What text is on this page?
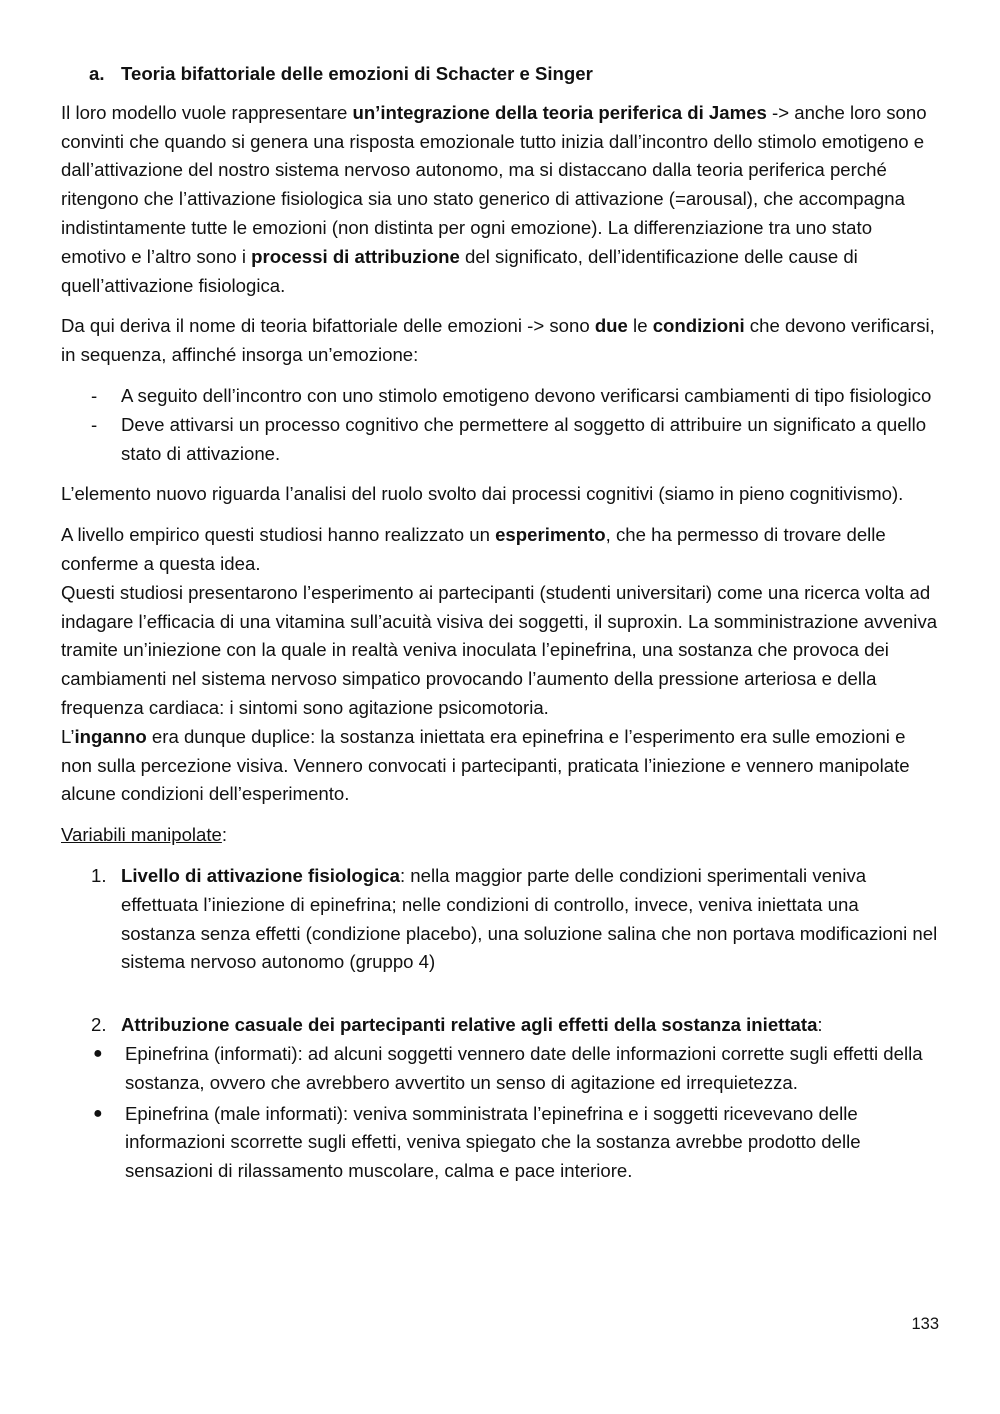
a. Teoria bifattoriale delle emozioni di Schacter e Singer

Il loro modello vuole rappresentare un’integrazione della teoria periferica di James -> anche loro sono convinti che quando si genera una risposta emozionale tutto inizia dall’incontro dello stimolo emotigeno e dall’attivazione del nostro sistema nervoso autonomo, ma si distaccano dalla teoria periferica perché ritengono che l’attivazione fisiologica sia uno stato generico di attivazione (=arousal), che accompagna indistintamente tutte le emozioni (non distinta per ogni emozione). La differenziazione tra uno stato emotivo e l’altro sono i processi di attribuzione del significato, dell’identificazione delle cause di quell’attivazione fisiologica.

Da qui deriva il nome di teoria bifattoriale delle emozioni -> sono due le condizioni che devono verificarsi, in sequenza, affinché insorga un’emozione:

-	A seguito dell’incontro con uno stimolo emotigeno devono verificarsi cambiamenti di tipo fisiologico
-	Deve attivarsi un processo cognitivo che permettere al soggetto di attribuire un significato a quello stato di attivazione.

L’elemento nuovo riguarda l’analisi del ruolo svolto dai processi cognitivi (siamo in pieno cognitivismo).

A livello empirico questi studiosi hanno realizzato un esperimento, che ha permesso di trovare delle conferme a questa idea.
Questi studiosi presentarono l’esperimento ai partecipanti (studenti universitari) come una ricerca volta ad indagare l’efficacia di una vitamina sull’acuità visiva dei soggetti, il suproxin. La somministrazione avveniva tramite un’iniezione con la quale in realtà veniva inoculata l’epinefrina, una sostanza che provoca dei cambiamenti nel sistema nervoso simpatico provocando l’aumento della pressione arteriosa e della frequenza cardiaca: i sintomi sono agitazione psicomotoria.
L’inganno era dunque duplice: la sostanza iniettata era epinefrina e l’esperimento era sulle emozioni e non sulla percezione visiva. Vennero convocati i partecipanti, praticata l’iniezione e vennero manipolate alcune condizioni dell’esperimento.

Variabili manipolate:

1. Livello di attivazione fisiologica: nella maggior parte delle condizioni sperimentali veniva effettuata l’iniezione di epinefrina; nelle condizioni di controllo, invece, veniva iniettata una sostanza senza effetti (condizione placebo), una soluzione salina che non portava modificazioni nel sistema nervoso autonomo (gruppo 4)
2. Attribuzione casuale dei partecipanti relative agli effetti della sostanza iniettata:
●	Epinefrina (informati): ad alcuni soggetti vennero date delle informazioni corrette sugli effetti della sostanza, ovvero che avrebbero avvertito un senso di agitazione ed irrequietezza.
●	Epinefrina (male informati): veniva somministrata l’epinefrina e i soggetti ricevevano delle informazioni scorrette sugli effetti, veniva spiegato che la sostanza avrebbe prodotto delle sensazioni di rilassamento muscolare, calma e pace interiore.
133
